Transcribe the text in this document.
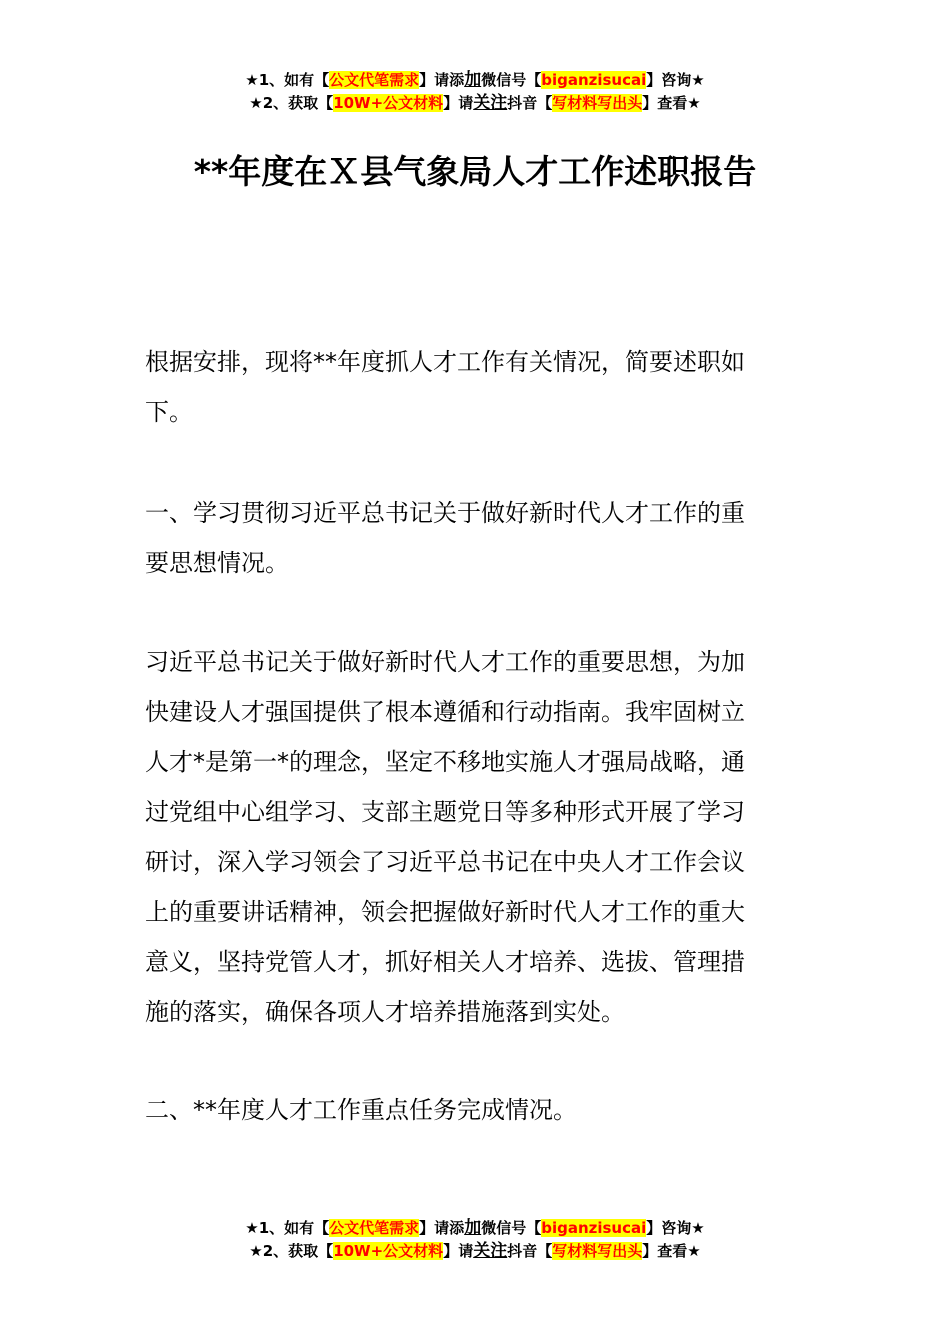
★1、如有【公文代笔需求】请添加微信号【biganzisucai】咨询★
★2、获取【10W+公文材料】请关注抖音【写材料写出头】查看★
**年度在Ｘ县气象局人才工作述职报告
根据安排，现将**年度抓人才工作有关情况，简要述职如
下。
一、学习贯彻习近平总书记关于做好新时代人才工作的重
要思想情况。
习近平总书记关于做好新时代人才工作的重要思想，为加
快建设人才强国提供了根本遵循和行动指南。我牢固树立
人才*是第一*的理念，坚定不移地实施人才强局战略，通
过党组中心组学习、支部主题党日等多种形式开展了学习
研讨，深入学习领会了习近平总书记在中央人才工作会议
上的重要讲话精神，领会把握做好新时代人才工作的重大
意义，坚持党管人才，抓好相关人才培养、选拔、管理措
施的落实，确保各项人才培养措施落到实处。
二、**年度人才工作重点任务完成情况。
★1、如有【公文代笔需求】请添加微信号【biganzisucai】咨询★
★2、获取【10W+公文材料】请关注抖音【写材料写出头】查看★
